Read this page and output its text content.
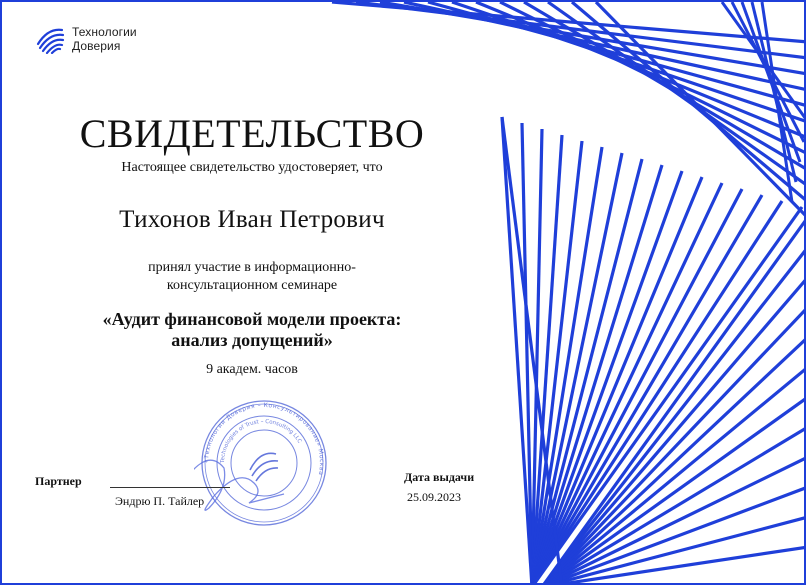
Технологии
Доверия
СВИДЕТЕЛЬСТВО
Настоящее свидетельство удостоверяет, что
Тихонов Иван Петрович
принял участие в информационно-
консультационном семинаре
«Аудит финансовой модели проекта:
анализ допущений»
9 академ. часов
«Технологии Доверия – Консультирование» Москва
Technologies of Trust – Consulting LLC
Партнер
Эндрю П. Тайлер
Дата выдачи
25.09.2023
